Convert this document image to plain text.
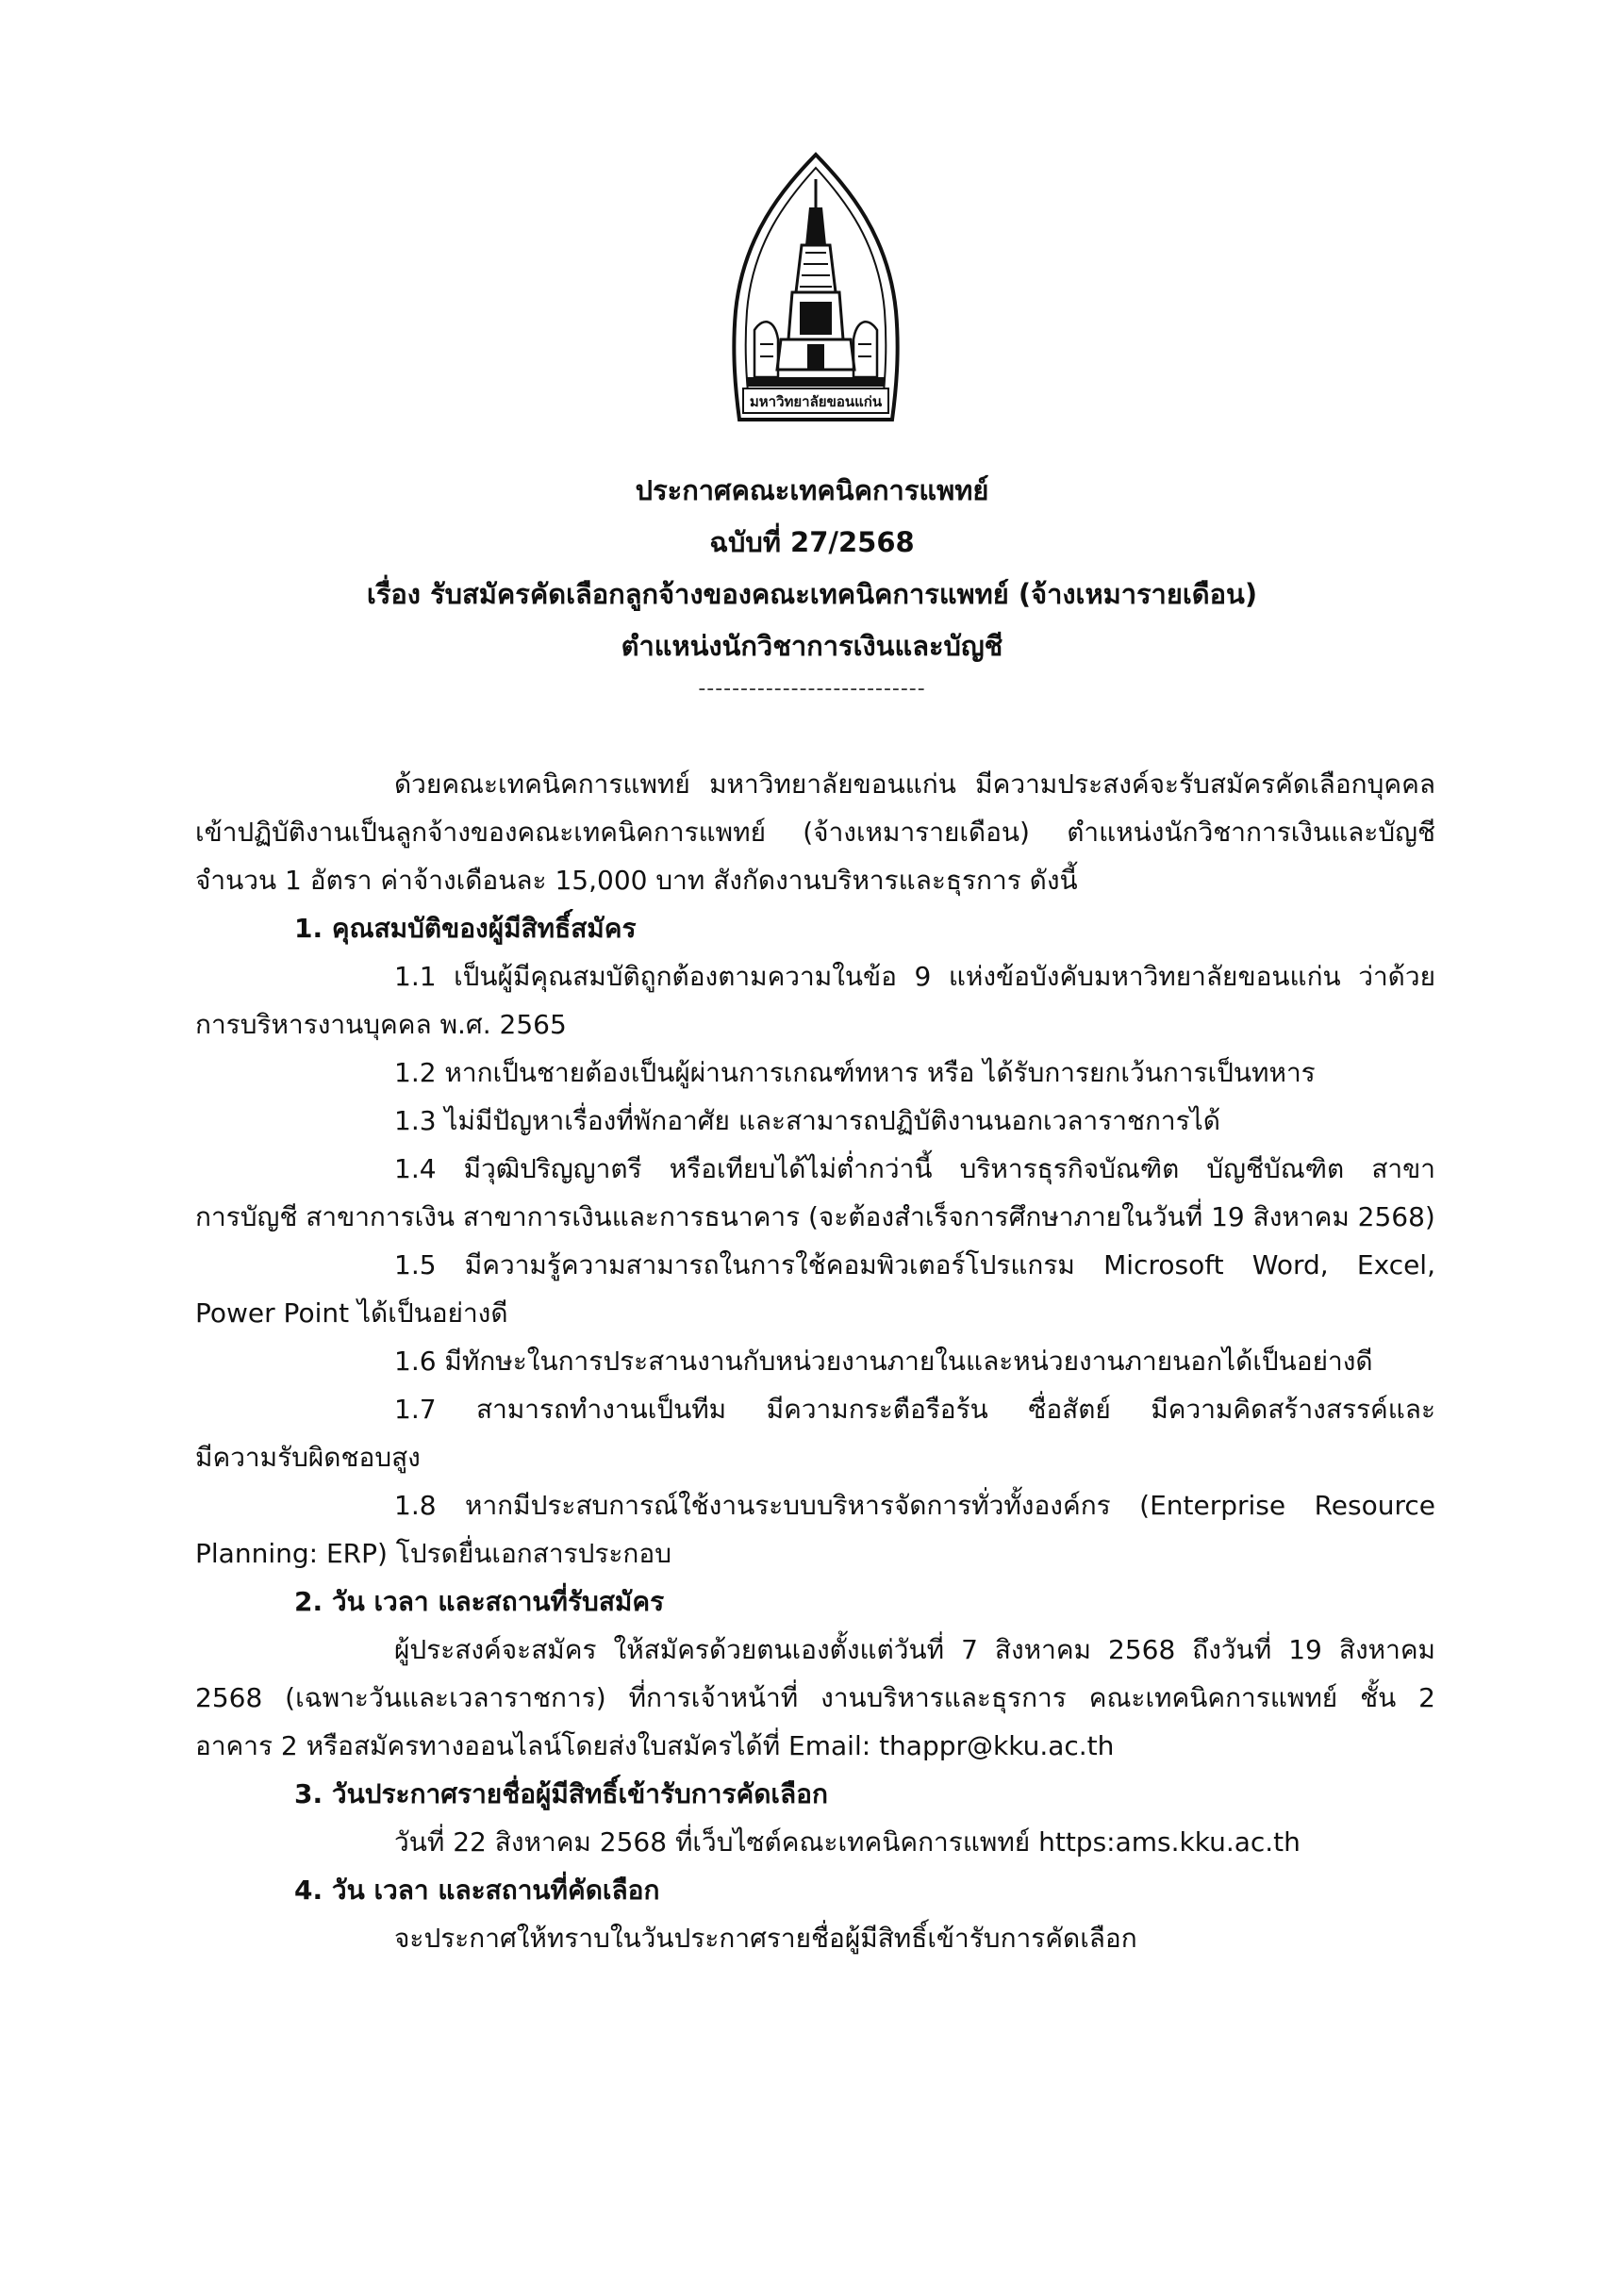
มหาวิทยาลัยขอนแก่น
ประกาศคณะเทคนิคการแพทย์
ฉบับที่ 27/2568
เรื่อง รับสมัครคัดเลือกลูกจ้างของคณะเทคนิคการแพทย์ (จ้างเหมารายเดือน)
ตำแหน่งนักวิชาการเงินและบัญชี
---------------------------
ด้วยคณะเทคนิคการแพทย์ มหาวิทยาลัยขอนแก่น มีความประสงค์จะรับสมัครคัดเลือกบุคคล
เข้าปฏิบัติงานเป็นลูกจ้างของคณะเทคนิคการแพทย์ (จ้างเหมารายเดือน) ตำแหน่งนักวิชาการเงินและบัญชี
จำนวน 1 อัตรา ค่าจ้างเดือนละ 15,000 บาท สังกัดงานบริหารและธุรการ ดังนี้
1. คุณสมบัติของผู้มีสิทธิ์สมัคร
1.1 เป็นผู้มีคุณสมบัติถูกต้องตามความในข้อ 9 แห่งข้อบังคับมหาวิทยาลัยขอนแก่น ว่าด้วย
การบริหารงานบุคคล พ.ศ. 2565
1.2 หากเป็นชายต้องเป็นผู้ผ่านการเกณฑ์ทหาร หรือ ได้รับการยกเว้นการเป็นทหาร
1.3 ไม่มีปัญหาเรื่องที่พักอาศัย และสามารถปฏิบัติงานนอกเวลาราชการได้
1.4 มีวุฒิปริญญาตรี หรือเทียบได้ไม่ต่ำกว่านี้ บริหารธุรกิจบัณฑิต บัญชีบัณฑิต สาขา
การบัญชี สาขาการเงิน สาขาการเงินและการธนาคาร (จะต้องสำเร็จการศึกษาภายในวันที่ 19 สิงหาคม 2568)
1.5 มีความรู้ความสามารถในการใช้คอมพิวเตอร์โปรแกรม Microsoft Word, Excel,
Power Point ได้เป็นอย่างดี
1.6 มีทักษะในการประสานงานกับหน่วยงานภายในและหน่วยงานภายนอกได้เป็นอย่างดี
1.7 สามารถทำงานเป็นทีม มีความกระตือรือร้น ซื่อสัตย์ มีความคิดสร้างสรรค์และ
มีความรับผิดชอบสูง
1.8 หากมีประสบการณ์ใช้งานระบบบริหารจัดการทั่วทั้งองค์กร (Enterprise Resource
Planning: ERP) โปรดยื่นเอกสารประกอบ
2. วัน เวลา และสถานที่รับสมัคร
ผู้ประสงค์จะสมัคร ให้สมัครด้วยตนเองตั้งแต่วันที่ 7 สิงหาคม 2568 ถึงวันที่ 19 สิงหาคม
2568 (เฉพาะวันและเวลาราชการ) ที่การเจ้าหน้าที่ งานบริหารและธุรการ คณะเทคนิคการแพทย์ ชั้น 2
อาคาร 2 หรือสมัครทางออนไลน์โดยส่งใบสมัครได้ที่ Email: thappr@kku.ac.th
3. วันประกาศรายชื่อผู้มีสิทธิ์เข้ารับการคัดเลือก
วันที่ 22 สิงหาคม 2568 ที่เว็บไซต์คณะเทคนิคการแพทย์ https:ams.kku.ac.th
4. วัน เวลา และสถานที่คัดเลือก
จะประกาศให้ทราบในวันประกาศรายชื่อผู้มีสิทธิ์เข้ารับการคัดเลือก
